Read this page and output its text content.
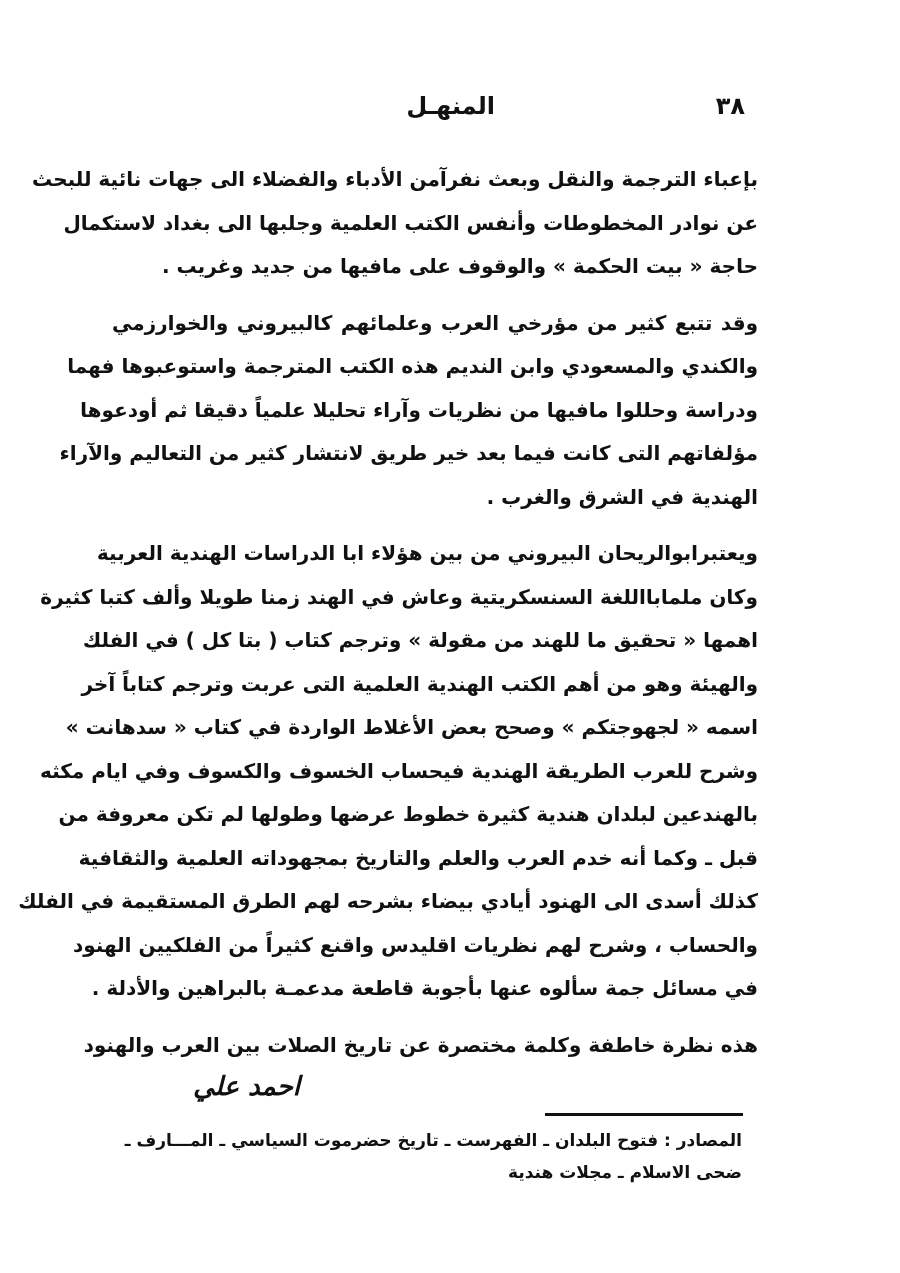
٣٨
المنهـل
بإعباء الترجمة والنقل وبعث نفرآمن الأدباء والفضلاء الى جهات نائية للبحث
عن نوادر المخطوطات وأنفس الكتب العلمية وجلبها الى بغداد لاستكمال
حاجة « بيت الحكمة » والوقوف على مافيها من جديد وغريب .
وقد تتبع كثير من مؤرخي العرب وعلمائهم كالبيروني والخوارزمي
والكندي والمسعودي وابن النديم هذه الكتب المترجمة واستوعبوها فهما
ودراسة وحللوا مافيها من نظريات وآراء تحليلا علمياً دقيقا ثم أودعوها
مؤلفاتهم التى كانت فيما بعد خير طريق لانتشار كثير من التعاليم والآراء
الهندية في الشرق والغرب .
ويعتبرابوالريحان البيروني من بين هؤلاء ابا الدراسات الهندية العربية
وكان ملمابااللغة السنسكريتية وعاش في الهند زمنا طويلا وألف كتبا كثيرة
اهمها « تحقيق ما للهند من مقولة » وترجم كتاب ( بتا كل ) في الفلك
والهيئة وهو من أهم الكتب الهندية العلمية التى عربت وترجم كتاباً آخر
اسمه « لجهوجتكم » وصحح بعض الأغلاط الواردة في كتاب « سدهانت »
وشرح للعرب الطريقة الهندية فيحساب الخسوف والكسوف وفي ايام مكثه
بالهندعين لبلدان هندية كثيرة خطوط عرضها وطولها لم تكن معروفة من
قبل ـ وكما أنه خدم العرب والعلم والتاريخ بمجهوداته العلمية والثقافية
كذلك أسدى الى الهنود أيادي بيضاء بشرحه لهم الطرق المستقيمة في الفلك
والحساب ، وشرح لهم نظريات اقليدس واقنع كثيراً من الفلكيين الهنود
في مسائل جمة سألوه عنها بأجوبة قاطعة مدعمـة بالبراهين والأدلة .
هذه نظرة خاطفة وكلمة مختصرة عن تاريخ الصلات بين العرب والهنود
احمد علي
المصادر : فتوح البلدان ـ الفهرست ـ تاريخ حضرموت السياسي ـ المـــارف ـ
ضحى الاسلام ـ مجلات هندية
